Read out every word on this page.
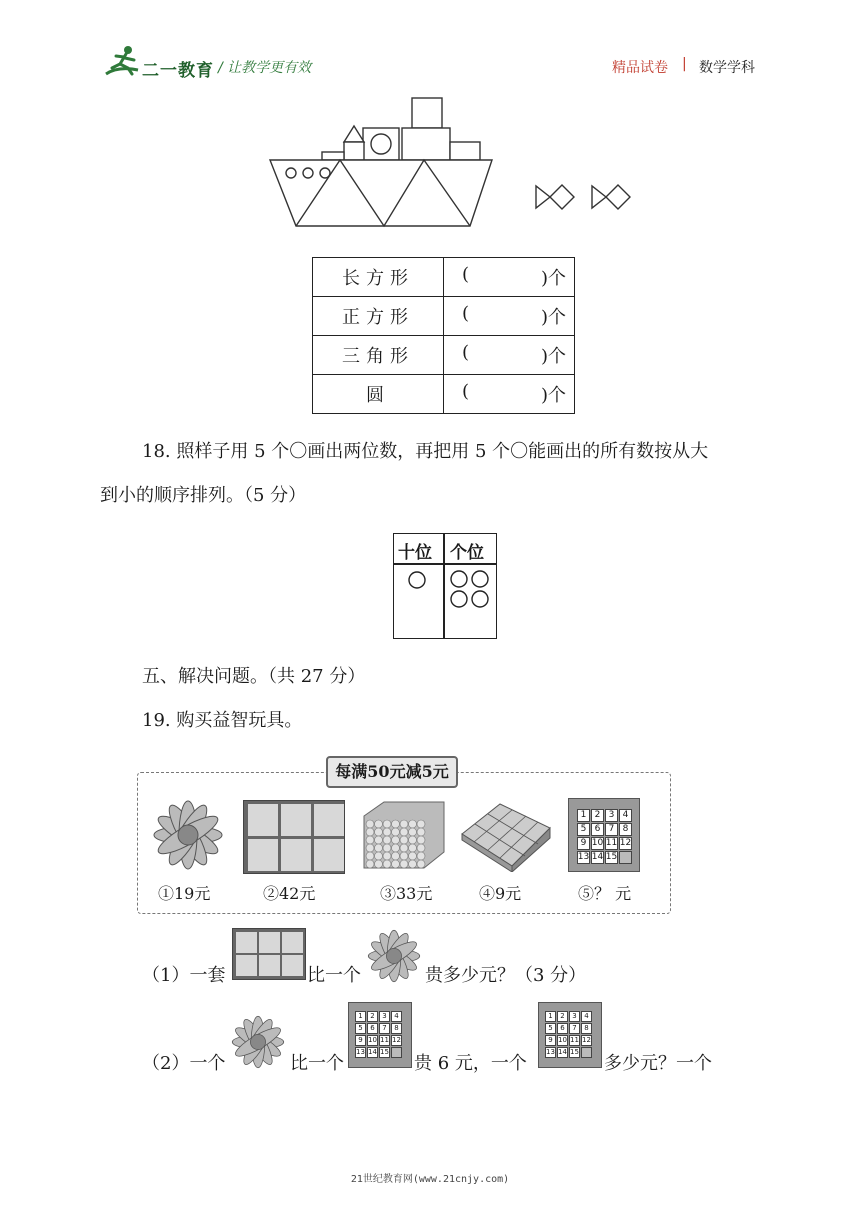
二一教育 / 让教学更有效	精品试卷 | 数学学科
长方形	( )个

正方形	( )个

三角形	( )个

圆	( )个
18. 照样子用 5 个〇画出两位数，再把用 5 个〇能画出的所有数按从大
到小的顺序排列。（5 分）
十位 个位
五、解决问题。（共 27 分）
19. 购买益智玩具。
每满50元减5元
1 2 3 4
5 6 7 8
9 10 11 12
13 14 15
①19元	②42元	③33元	④9元	⑤？ 元
（1）一套	比一个	贵多少元？（3 分）
（2）一个	比一个
1	2	3	4
5	6	7	8
9 10 11 12
13 14 15
贵 6 元，一个
1	2	3	4
5	6	7	8
9 10 11 12
13 14 15
多少元？一个
21世纪教育网(www.21cnjy.com)
